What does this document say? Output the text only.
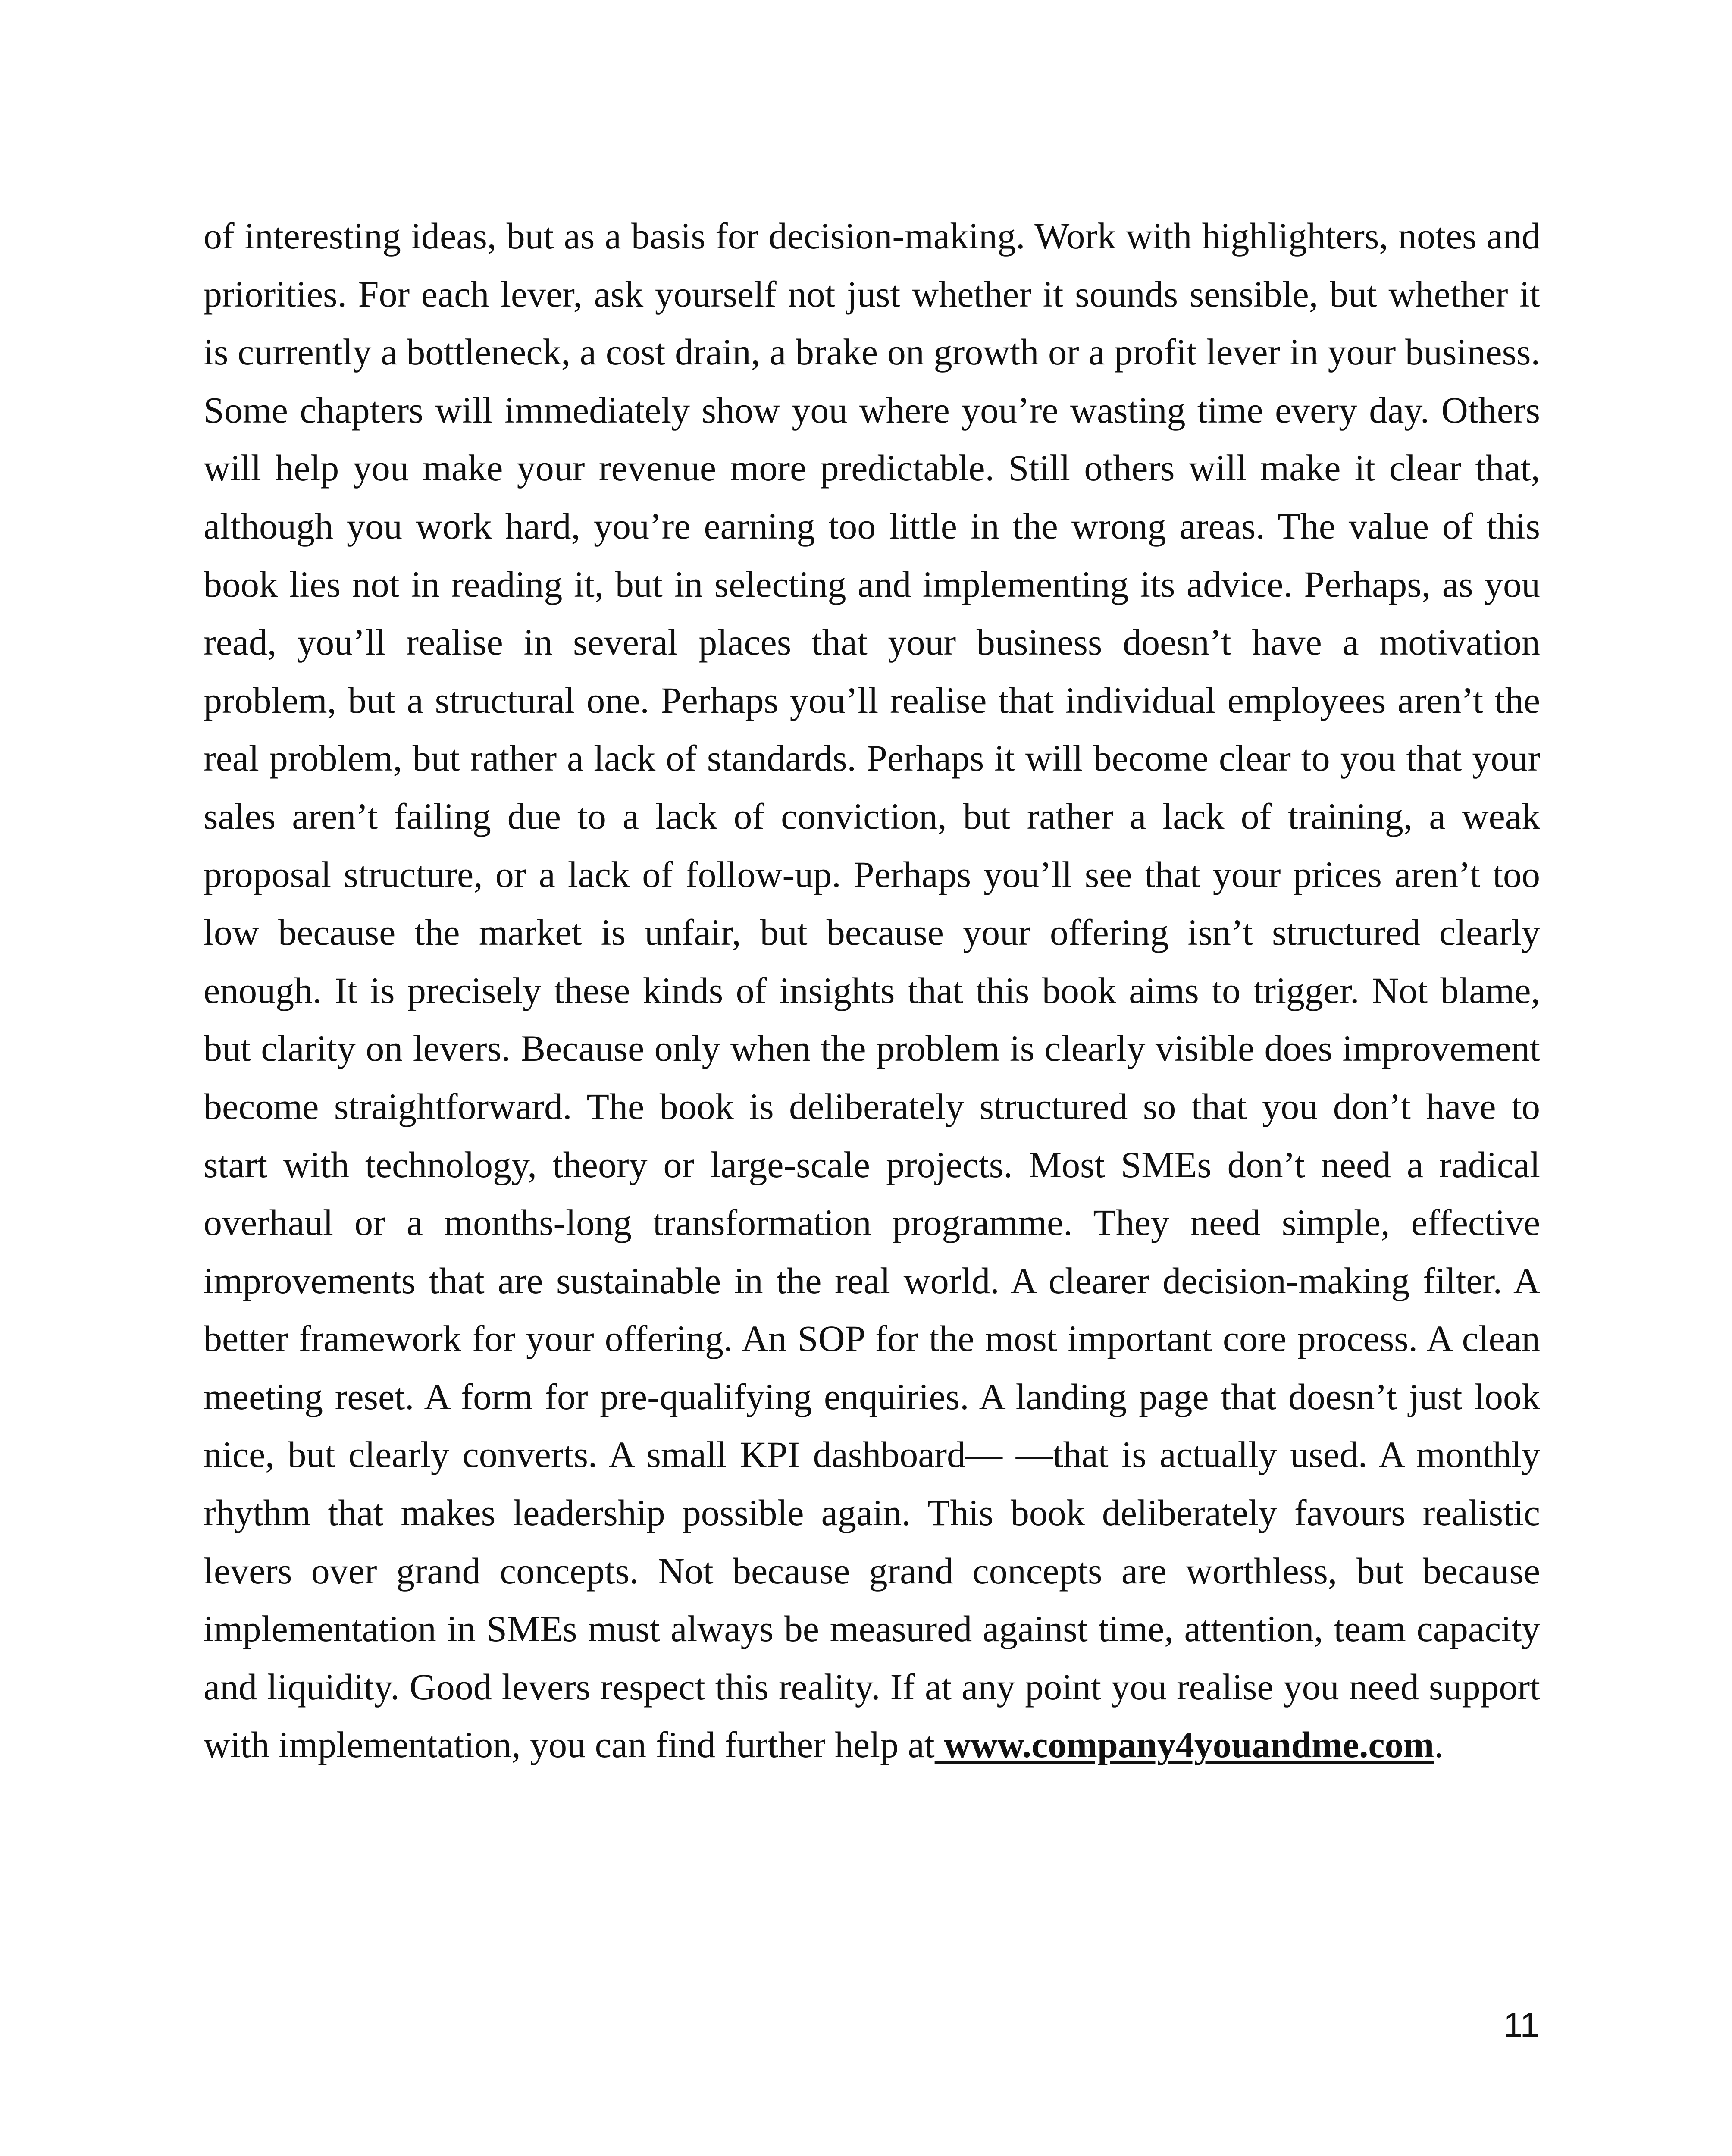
of interesting ideas, but as a basis for decision-making. Work with highlighters, notes and priorities. For each lever, ask yourself not just whether it sounds sensible, but whether it is currently a bottleneck, a cost drain, a brake on growth or a profit lever in your business. Some chapters will immediately show you where you’re wasting time every day. Others will help you make your revenue more predictable. Still others will make it clear that, although you work hard, you’re earning too little in the wrong areas. The value of this book lies not in reading it, but in selecting and implementing its advice. Perhaps, as you read, you’ll realise in several places that your business doesn’t have a motivation problem, but a structural one. Perhaps you’ll realise that individual employees aren’t the real problem, but rather a lack of standards. Perhaps it will become clear to you that your sales aren’t failing due to a lack of conviction, but rather a lack of training, a weak proposal structure, or a lack of follow-up. Perhaps you’ll see that your prices aren’t too low because the market is unfair, but because your offering isn’t structured clearly enough. It is precisely these kinds of insights that this book aims to trigger. Not blame, but clarity on levers. Because only when the problem is clearly visible does improvement become straightforward. The book is deliberately structured so that you don’t have to start with technology, theory or large-scale projects. Most SMEs don’t need a radical overhaul or a months-long transformation programme. They need simple, effective improvements that are sustainable in the real world. A clearer decision-making filter. A better framework for your offering. An SOP for the most important core process. A clean meeting reset. A form for pre-qualifying enquiries. A landing page that doesn’t just look nice, but clearly converts. A small KPI dashboard— —that is actually used. A monthly rhythm that makes leadership possible again. This book deliberately favours realistic levers over grand concepts. Not because grand concepts are worthless, but because implementation in SMEs must always be measured against time, attention, team capacity and liquidity. Good levers respect this reality. If at any point you realise you need support with implementation, you can find further help at www.company4youandme.com.

11
